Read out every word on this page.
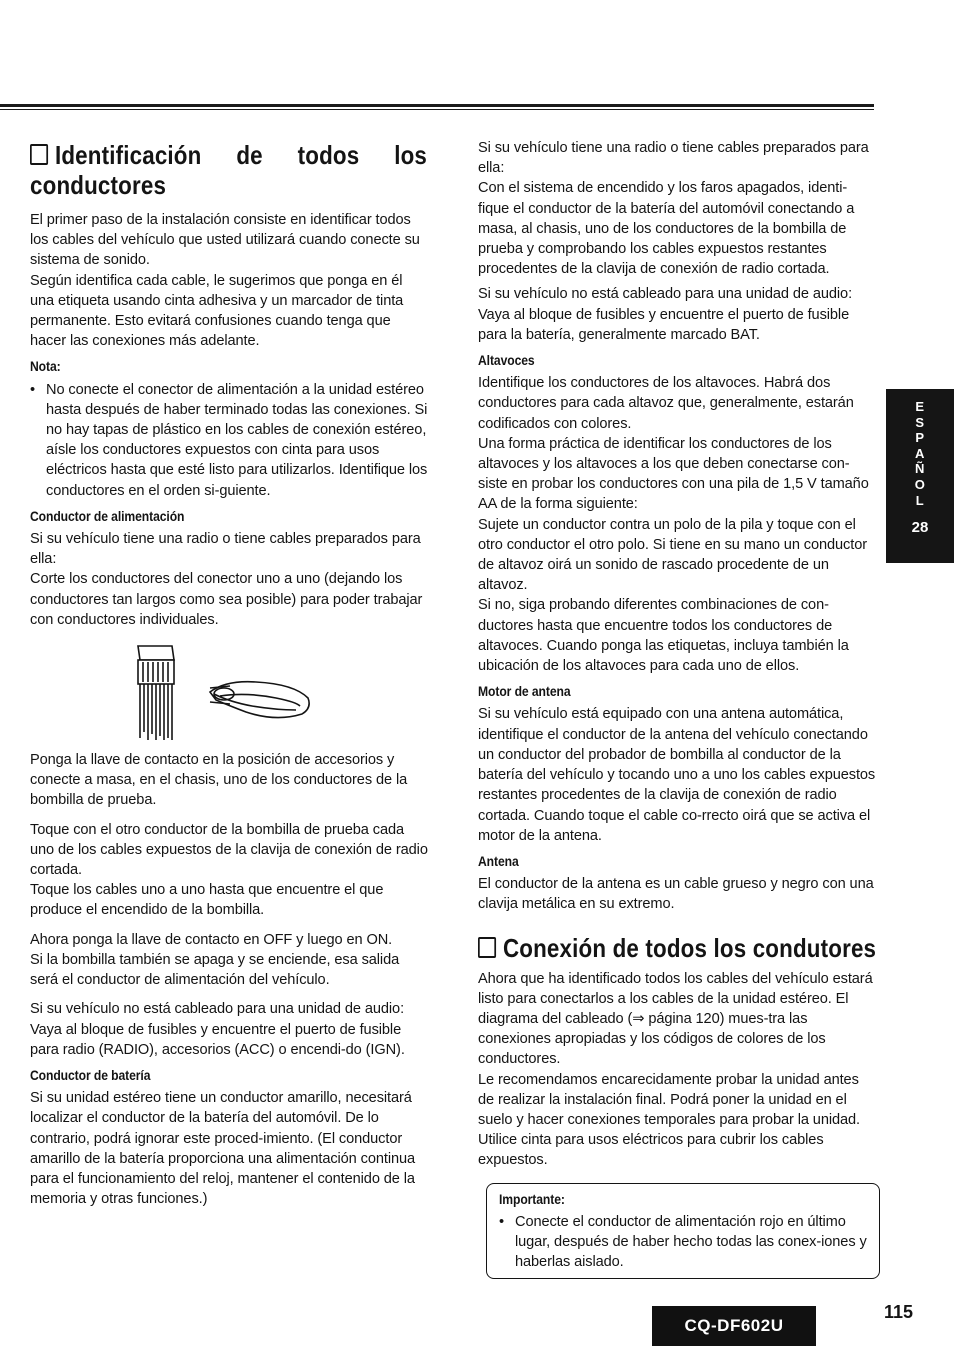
Identificación de todos los
conductores

El primer paso de la instalación consiste en identificar todos los cables del vehículo que usted utilizará cuando conecte su sistema de sonido.

Según identifica cada cable, le sugerimos que ponga en él una etiqueta usando cinta adhesiva y un marcador de tinta permanente. Esto evitará confusiones cuando tenga que hacer las conexiones más adelante.

Nota:

• No conecte el conector de alimentación a la unidad estéreo hasta después de haber terminado todas las conexiones. Si no hay tapas de plástico en los cables de conexión estéreo, aísle los conductores expuestos con cinta para usos eléctricos hasta que esté listo para utilizarlos. Identifique los conductores en el orden si-guiente.

Conductor de alimentación

Si su vehículo tiene una radio o tiene cables preparados para ella:

Corte los conductores del conector uno a uno (dejando los conductores tan largos como sea posible) para poder trabajar con conductores individuales.

Ponga la llave de contacto en la posición de accesorios y conecte a masa, en el chasis, uno de los conductores de la bombilla de prueba.

Toque con el otro conductor de la bombilla de prueba cada uno de los cables expuestos de la clavija de conexión de radio cortada.

Toque los cables uno a uno hasta que encuentre el que produce el encendido de la bombilla.

Ahora ponga la llave de contacto en OFF y luego en ON.

Si la bombilla también se apaga y se enciende, esa salida será el conductor de alimentación del vehículo.

Si su vehículo no está cableado para una unidad de audio:

Vaya al bloque de fusibles y encuentre el puerto de fusible para radio (RADIO), accesorios (ACC) o encendi-do (IGN).

Conductor de batería

Si su unidad estéreo tiene un conductor amarillo, necesitará localizar el conductor de la batería del automóvil. De lo contrario, podrá ignorar este proced-imiento. (El conductor amarillo de la batería proporciona una alimentación continua para el funcionamiento del reloj, mantener el contenido de la memoria y otras funciones.)

Si su vehículo tiene una radio o tiene cables preparados para ella:

Con el sistema de encendido y los faros apagados, identi-fique el conductor de la batería del automóvil conectando a masa, al chasis, uno de los conductores de la bombilla de prueba y comprobando los cables expuestos restantes procedentes de la clavija de conexión de radio cortada.

Si su vehículo no está cableado para una unidad de audio:

Vaya al bloque de fusibles y encuentre el puerto de fusible para la batería, generalmente marcado BAT.

Altavoces

Identifique los conductores de los altavoces. Habrá dos conductores para cada altavoz que, generalmente, estarán codificados con colores.

Una forma práctica de identificar los conductores de los altavoces y los altavoces a los que deben conectarse con-siste en probar los conductores con una pila de 1,5 V tamaño AA de la forma siguiente:

Sujete un conductor contra un polo de la pila y toque con el otro conductor el otro polo. Si tiene en su mano un conductor de altavoz oirá un sonido de rascado procedente de un altavoz.

Si no, siga probando diferentes combinaciones de con-ductores hasta que encuentre todos los conductores de altavoces. Cuando ponga las etiquetas, incluya también la ubicación de los altavoces para cada uno de ellos.

Motor de antena

Si su vehículo está equipado con una antena automática, identifique el conductor de la antena del vehículo conectando un conductor del probador de bombilla al conductor de la batería del vehículo y tocando uno a uno los cables expuestos restantes procedentes de la clavija de conexión de radio cortada. Cuando toque el cable co-rrecto oirá que se activa el motor de la antena.

Antena

El conductor de la antena es un cable grueso y negro con una clavija metálica en su extremo.

Conexión de todos los condutores

Ahora que ha identificado todos los cables del vehículo estará listo para conectarlos a los cables de la unidad estéreo. El diagrama del cableado (⇒ página 120) mues-tra las conexiones apropiadas y los códigos de colores de los conductores.

Le recomendamos encarecidamente probar la unidad antes de realizar la instalación final. Podrá poner la unidad en el suelo y hacer conexiones temporales para probar la unidad. Utilice cinta para usos eléctricos para cubrir los cables expuestos.

Importante:

• Conecte el conductor de alimentación rojo en último lugar, después de haber hecho todas las conex-iones y haberlas aislado.

E
S
P
A
Ñ
O
L
28
CQ-DF602U
115
